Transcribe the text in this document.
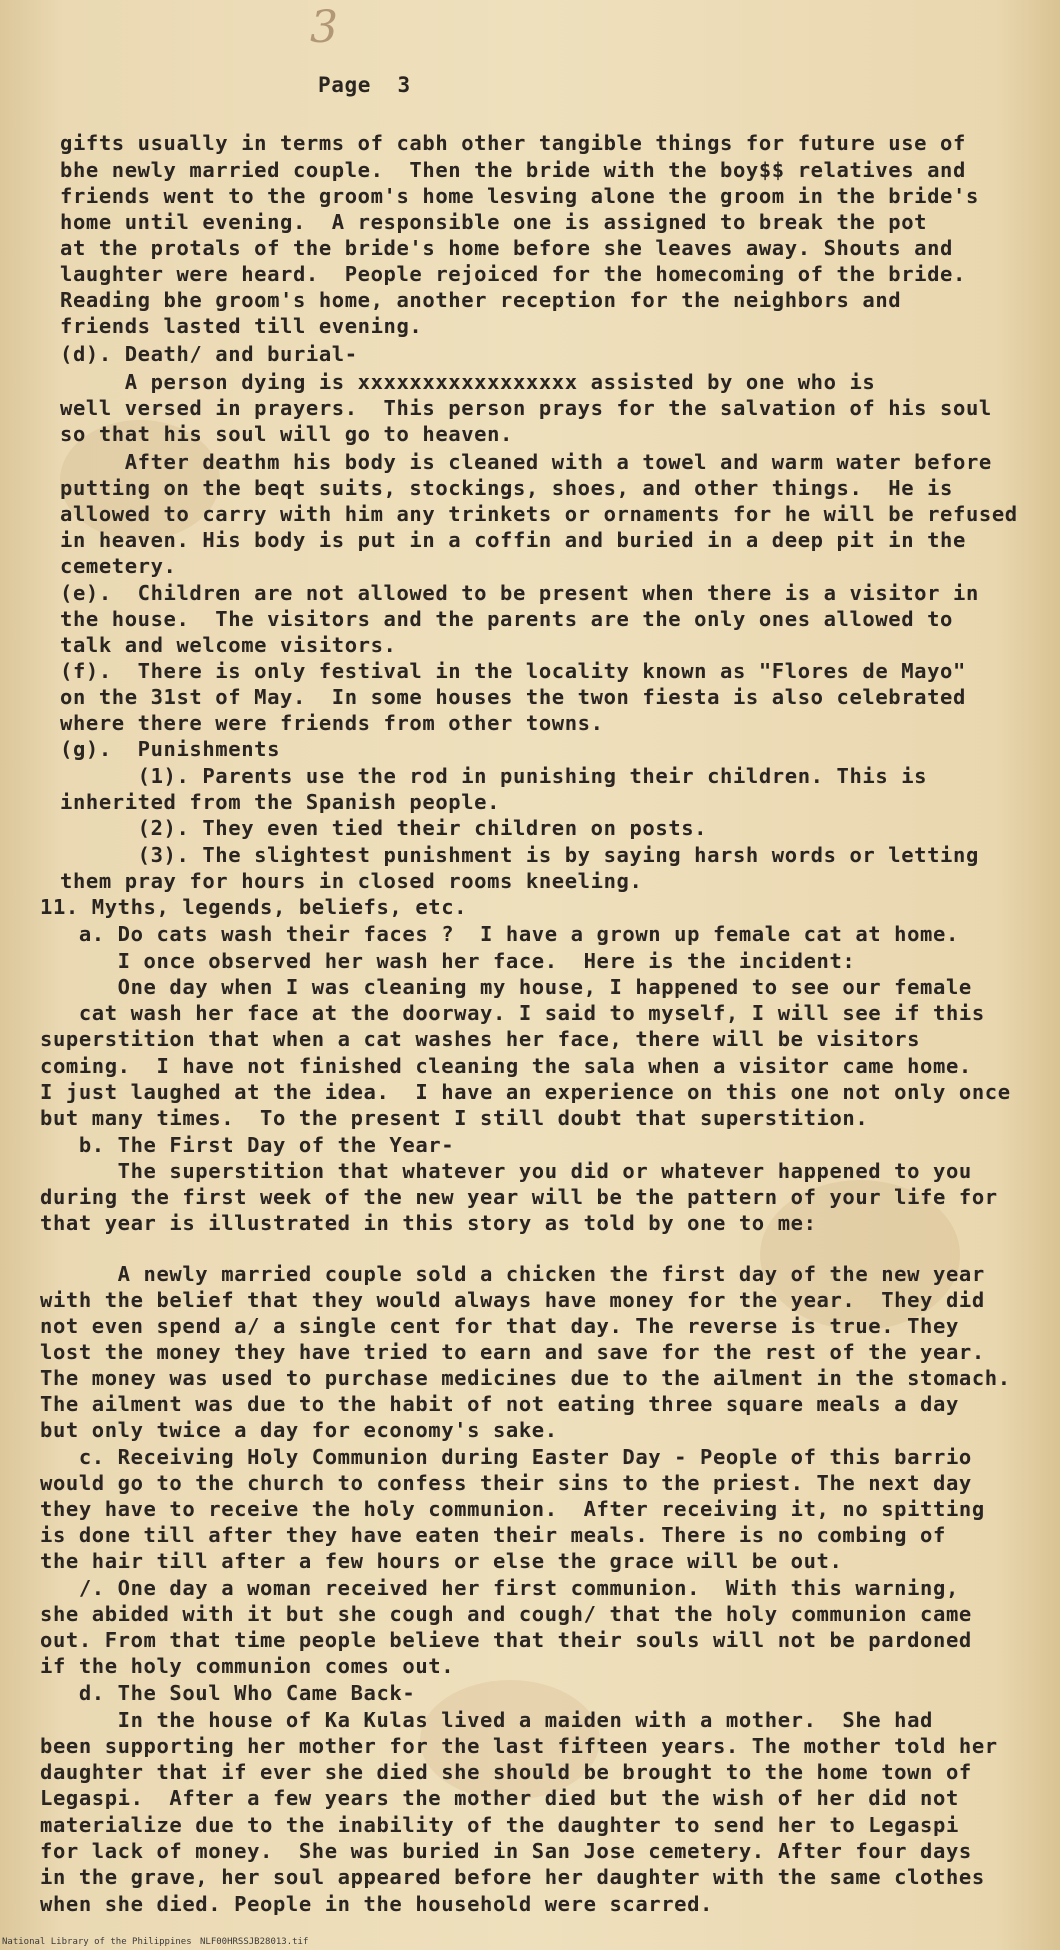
3
Page  3
gifts usually in terms of cabh other tangible things for future use of
bhe newly married couple.  Then the bride with the boy$$ relatives and
friends went to the groom's home lesving alone the groom in the bride's
home until evening.  A responsible one is assigned to break the pot
at the protals of the bride's home before she leaves away. Shouts and
laughter were heard.  People rejoiced for the homecoming of the bride.
Reading bhe groom's home, another reception for the neighbors and
friends lasted till evening.
(d). Death/ and burial-
A person dying is xxxxxxxxxxxxxxxxx assisted by one who is
well versed in prayers.  This person prays for the salvation of his soul
so that his soul will go to heaven.
After deathm his body is cleaned with a towel and warm water before
putting on the beqt suits, stockings, shoes, and other things.  He is
allowed to carry with him any trinkets or ornaments for he will be refused
in heaven. His body is put in a coffin and buried in a deep pit in the
cemetery.
(e).  Children are not allowed to be present when there is a visitor in
the house.  The visitors and the parents are the only ones allowed to
talk and welcome visitors.
(f).  There is only festival in the locality known as "Flores de Mayo"
on the 31st of May.  In some houses the twon fiesta is also celebrated
where there were friends from other towns.
(g).  Punishments
(1). Parents use the rod in punishing their children. This is
inherited from the Spanish people.
(2). They even tied their children on posts.
(3). The slightest punishment is by saying harsh words or letting
them pray for hours in closed rooms kneeling.
11. Myths, legends, beliefs, etc.
a. Do cats wash their faces ?  I have a grown up female cat at home.
I once observed her wash her face.  Here is the incident:
One day when I was cleaning my house, I happened to see our female
cat wash her face at the doorway. I said to myself, I will see if this
superstition that when a cat washes her face, there will be visitors
coming.  I have not finished cleaning the sala when a visitor came home.
I just laughed at the idea.  I have an experience on this one not only once
but many times.  To the present I still doubt that superstition.
b. The First Day of the Year-
The superstition that whatever you did or whatever happened to you
during the first week of the new year will be the pattern of your life for
that year is illustrated in this story as told by one to me:
A newly married couple sold a chicken the first day of the new year
with the belief that they would always have money for the year.  They did
not even spend a/ a single cent for that day. The reverse is true. They
lost the money they have tried to earn and save for the rest of the year.
The money was used to purchase medicines due to the ailment in the stomach.
The ailment was due to the habit of not eating three square meals a day
but only twice a day for economy's sake.
c. Receiving Holy Communion during Easter Day - People of this barrio
would go to the church to confess their sins to the priest. The next day
they have to receive the holy communion.  After receiving it, no spitting
is done till after they have eaten their meals. There is no combing of
the hair till after a few hours or else the grace will be out.
/. One day a woman received her first communion.  With this warning,
she abided with it but she cough and cough/ that the holy communion came
out. From that time people believe that their souls will not be pardoned
if the holy communion comes out.
d. The Soul Who Came Back-
In the house of Ka Kulas lived a maiden with a mother.  She had
been supporting her mother for the last fifteen years. The mother told her
daughter that if ever she died she should be brought to the home town of
Legaspi.  After a few years the mother died but the wish of her did not
materialize due to the inability of the daughter to send her to Legaspi
for lack of money.  She was buried in San Jose cemetery. After four days
in the grave, her soul appeared before her daughter with the same clothes
when she died. People in the household were scarred.
National Library of the Philippines NLF00HRSSJB28013.tif
